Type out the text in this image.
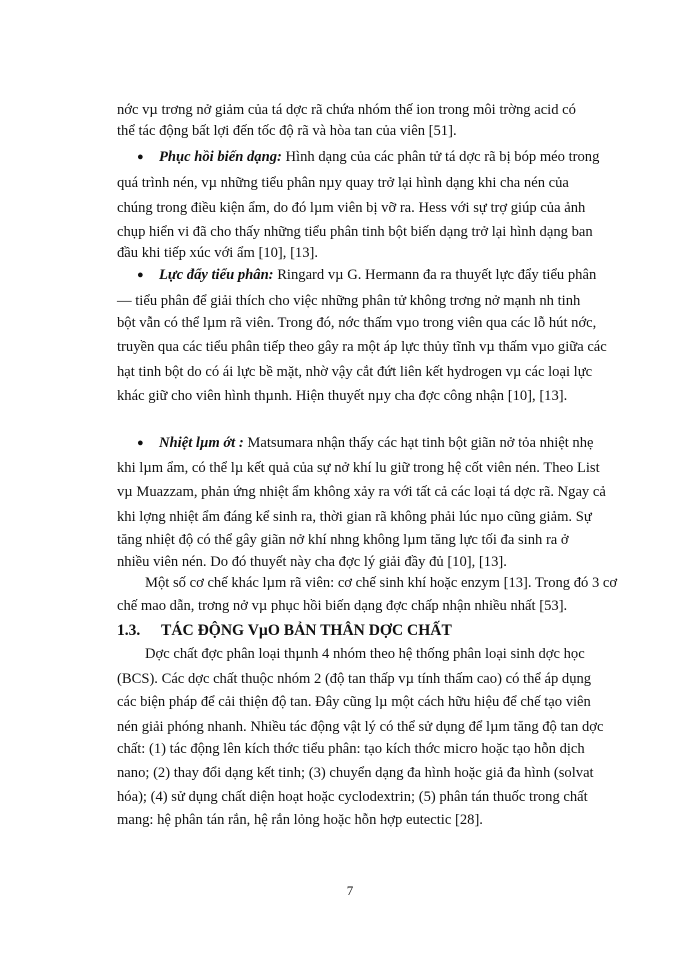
nớc vµ trơng nở giảm của tá dợc rã chứa nhóm thế ion trong môi trờng acid có
thể tác động bất lợi đến tốc độ rã và hòa tan của viên [51].
● Phục hồi biến dạng: Hình dạng của các phân tử tá dợc rã bị bóp méo trong
quá trình nén, vµ những tiểu phân nµy quay trở lại hình dạng khi cha nén của
chúng trong điều kiện ẩm, do đó lµm viên bị vỡ ra. Hess với sự trợ giúp của ảnh
chụp hiển vi đã cho thấy những tiểu phân tinh bột biến dạng trở lại hình dạng ban
đầu khi tiếp xúc với ẩm [10], [13].
● Lực đẩy tiểu phân: Ringard vµ G. Hermann đa ra thuyết lực đẩy tiểu phân
— tiểu phân để giải thích cho việc những phân tử không trơng nở mạnh nh tinh
bột vẫn có thể lµm rã viên. Trong đó, nớc thấm vµo trong viên qua các lỗ hút nớc,
truyền qua các tiểu phân tiếp theo gây ra một áp lực thủy tĩnh vµ thấm vµo giữa các
hạt tinh bột do có ái lực bề mặt, nhờ vậy cắt đứt liên kết hydrogen vµ các loại lực
khác giữ cho viên hình thµnh. Hiện thuyết nµy cha đợc công nhận [10], [13].
● Nhiệt lµm ớt : Matsumara nhận thấy các hạt tinh bột giãn nở tỏa nhiệt nhẹ
khi lµm ẩm, có thể lµ kết quả của sự nở khí lu giữ trong hệ cốt viên nén. Theo List
vµ Muazzam, phản ứng nhiệt ẩm không xảy ra với tất cả các loại tá dợc rã. Ngay cả
khi lợng nhiệt ẩm đáng kể sinh ra, thời gian rã không phải lúc nµo cũng giảm. Sự
tăng nhiệt độ có thể gây giãn nở khí nhng không lµm tăng lực tối đa sinh ra ở
nhiều viên nén. Do đó thuyết này cha đợc lý giải đầy đủ [10], [13].
Một số cơ chế khác lµm rã viên: cơ chế sinh khí hoặc enzym [13]. Trong đó 3 cơ
chế mao dẫn, trơng nở vµ phục hồi biến dạng đợc chấp nhận nhiều nhất [53].
1.3. TÁC ĐỘNG VµO BẢN THÂN DỢC CHẤT
Dợc chất đợc phân loại thµnh 4 nhóm theo hệ thống phân loại sinh dợc học
(BCS). Các dợc chất thuộc nhóm 2 (độ tan thấp vµ tính thấm cao) có thể áp dụng
các biện pháp để cải thiện độ tan. Đây cũng lµ một cách hữu hiệu để chế tạo viên
nén giải phóng nhanh. Nhiều tác động vật lý có thể sử dụng để lµm tăng độ tan dợc
chất: (1) tác động lên kích thớc tiểu phân: tạo kích thớc micro hoặc tạo hỗn dịch
nano; (2) thay đổi dạng kết tinh; (3) chuyển dạng đa hình hoặc giả đa hình (solvat
hóa); (4) sử dụng chất diện hoạt hoặc cyclodextrin; (5) phân tán thuốc trong chất
mang: hệ phân tán rắn, hệ rắn lỏng hoặc hỗn hợp eutectic [28].
7
